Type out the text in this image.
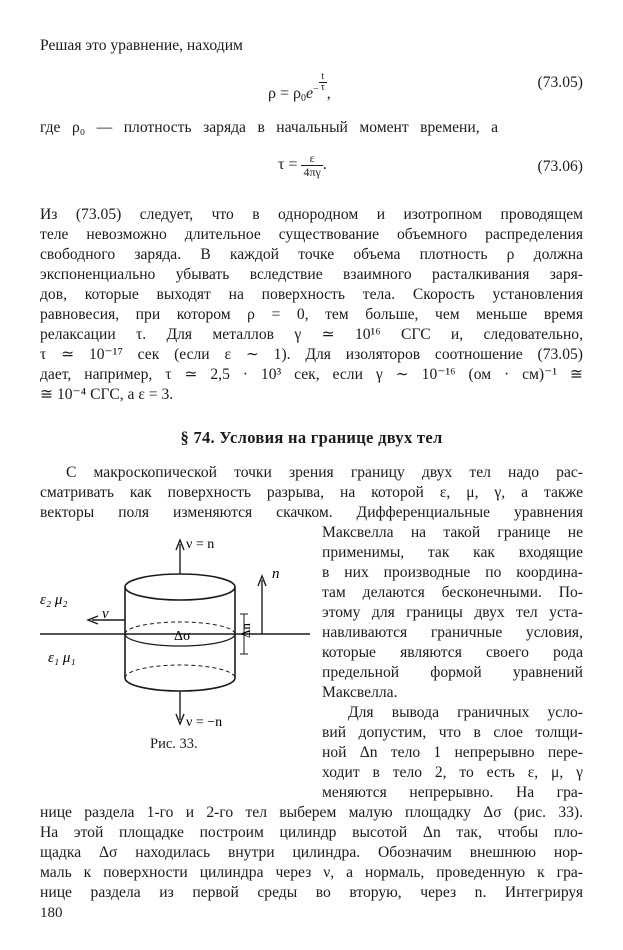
Решая это уравнение, находим
$\rho = \rho_0e^{- \frac{t}{\tau}}$
,
(73.05)
где ρ₀ — плотность заряда в начальный момент времени, а
$\tau = \frac{\varepsilon}{4\pi\gamma}$ .	(73.06)
Из (73.05) следует, что в однородном и изотропном проводящем
теле невозможно длительное существование объемного распределения
свободного заряда. В каждой точке объема плотность ρ должна
экспоненциально убывать вследствие взаимного расталкивания заря-
дов, которые выходят на поверхность тела. Скорость установления
равновесия, при котором ρ = 0, тем больше, чем меньше время
релаксации τ. Для металлов γ ≃ 10¹⁶ СГС и, следовательно,
τ ≃ 10⁻¹⁷ сек (если ε ∼ 1). Для изоляторов соотношение (73.05)
дает, например, τ ≃ 2,5 · 10³ сек, если γ ∼ 10⁻¹⁶ (ом · см)⁻¹ ≅
≅ 10⁻⁴ СГС, а ε = 3.
§ 74. Условия на границе двух тел
С макроскопической точки зрения границу двух тел надо рас-
сматривать как поверхность разрыва, на которой ε, μ, γ, а также
векторы поля изменяются скачком. Дифференциальные уравнения
Максвелла на такой границе не
применимы, так как входящие
в них производные по координа-
там делаются бесконечными. По-
этому для границы двух тел уста-
навливаются граничные условия,
которые являются своего рода
предельной формой уравнений
Максвелла.
Для вывода граничных усло-
вий допустим, что в слое толщи-
ной Δn тело 1 непрерывно пере-
ходит в тело 2, то есть ε, μ, γ
меняются непрерывно. На гра-
ν = n
ν = −n
n
Δσ
ε₂ μ₂
ν
ε₁ μ₁
Δn
Рис. 33.
нице раздела 1-го и 2-го тел выберем малую площадку Δσ (рис. 33).
На этой площадке построим цилиндр высотой Δn так, чтобы пло-
щадка Δσ находилась внутри цилиндра. Обозначим внешнюю нор-
маль к поверхности цилиндра через ν, а нормаль, проведенную к гра-
нице раздела из первой среды во вторую, через n. Интегрируя
180
